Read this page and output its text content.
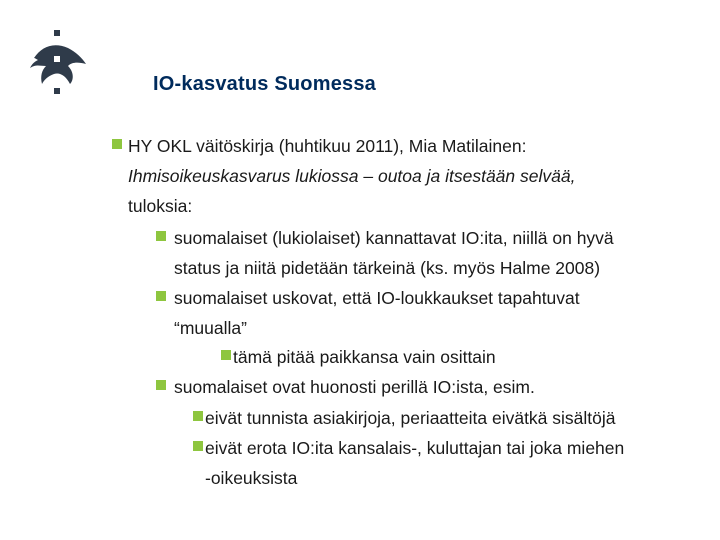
IO-kasvatus Suomessa
HY OKL väitöskirja (huhtikuu 2011), Mia Matilainen:
Ihmisoikeuskasvarus lukiossa – outoa ja itsestään selvää,
tuloksia:
suomalaiset (lukiolaiset) kannattavat IO:ita, niillä on hyvä
status ja niitä pidetään tärkeinä (ks. myös Halme 2008)
suomalaiset uskovat, että IO-loukkaukset tapahtuvat
“muualla”
tämä pitää paikkansa vain osittain
suomalaiset ovat huonosti perillä IO:ista, esim.
eivät tunnista asiakirjoja, periaatteita eivätkä sisältöjä
eivät erota IO:ita kansalais-, kuluttajan tai joka miehen
-oikeuksista
